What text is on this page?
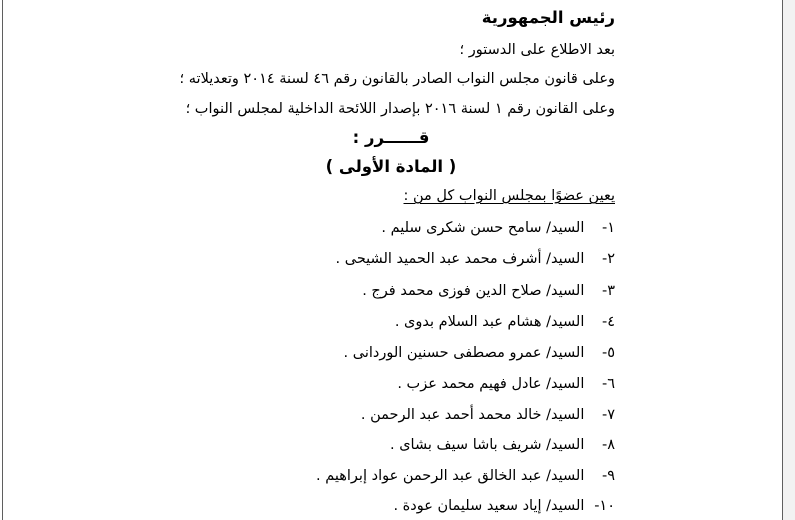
رئيس الجمهورية
بعد الاطلاع على الدستور ؛
وعلى قانون مجلس النواب الصادر بالقانون رقم ٤٦ لسنة ٢٠١٤ وتعديلاته ؛
وعلى القانون رقم ١ لسنة ٢٠١٦ بإصدار اللائحة الداخلية لمجلس النواب ؛
قــــــرر :
( المادة الأولى )
يعين عضوًا بمجلس النواب كل من :
١- السيد/ سامح حسن شكرى سليم .
٢- السيد/ أشرف محمد عبد الحميد الشيحى .
٣- السيد/ صلاح الدين فوزى محمد فرج .
٤- السيد/ هشام عبد السلام بدوى .
٥- السيد/ عمرو مصطفى حسنين الوردانى .
٦- السيد/ عادل فهيم محمد عزب .
٧- السيد/ خالد محمد أحمد عبد الرحمن .
٨- السيد/ شريف باشا سيف بشاى .
٩- السيد/ عبد الخالق عبد الرحمن عواد إبراهيم .
١٠- السيد/ إياد سعيد سليمان عودة .
